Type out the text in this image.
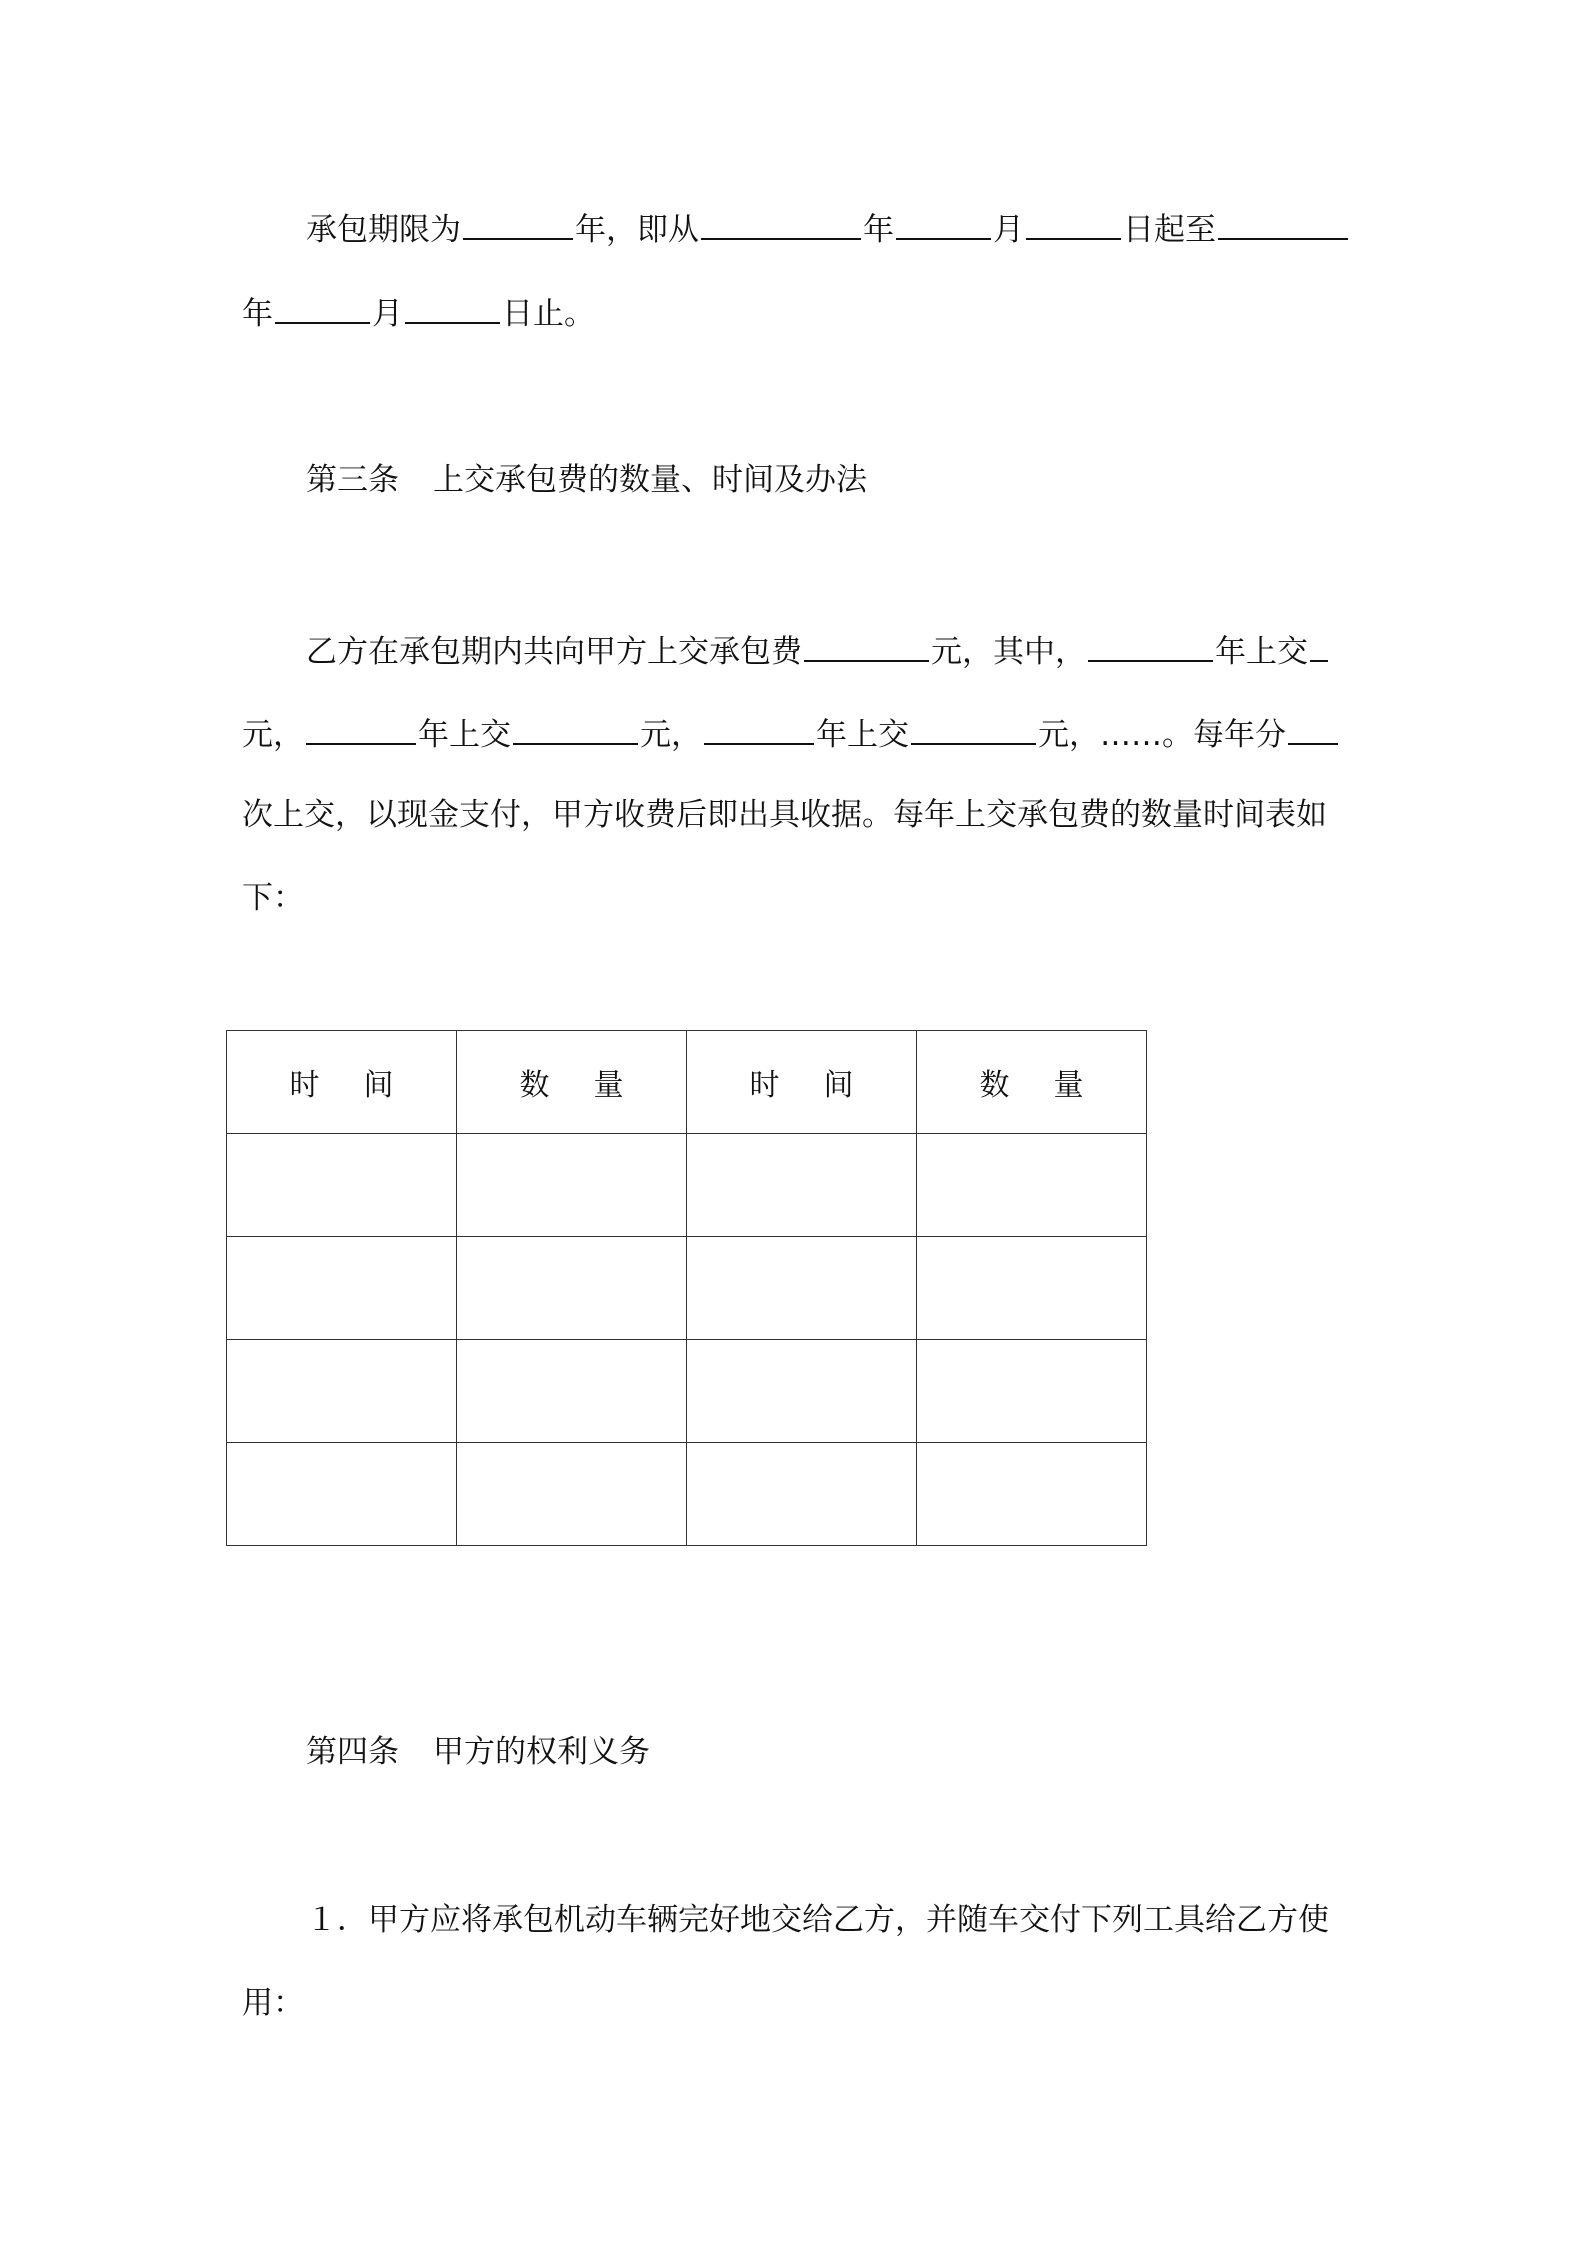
承包期限为	年，即从	年	月	日起至
年	月	日止。
第三条 上交承包费的数量、时间及办法
乙方在承包期内共向甲方上交承包费	元，其中，	年上交
元，	年上交	元，	年上交	元，……。每年分
次上交，以现金支付，甲方收费后即出具收据。每年上交承包费的数量时间表如
下：
时间	数量	时间	数量

第四条 甲方的权利义务
１．甲方应将承包机动车辆完好地交给乙方，并随车交付下列工具给乙方使
用：
